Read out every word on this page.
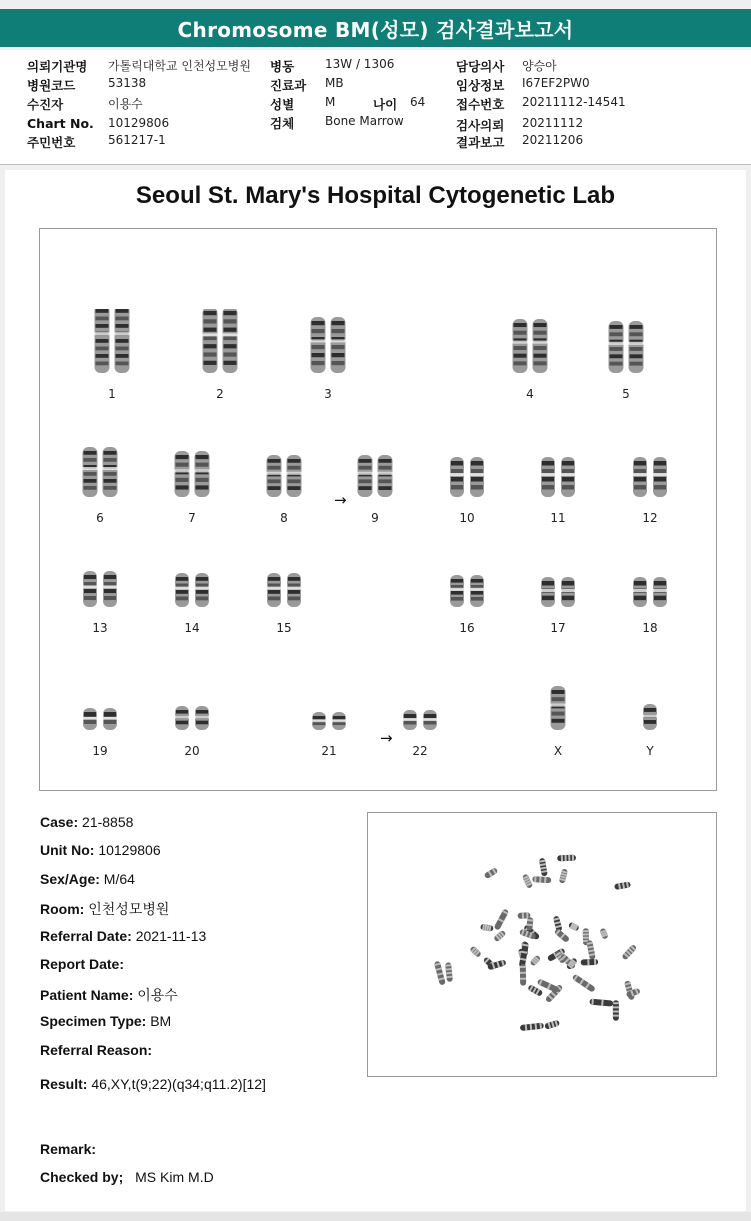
Chromosome BM(성모) 검사결과보고서
의뢰기관명 가톨릭대학교 인천성모병원
병원코드	53138
수진자	이용수
Chart No. 10129806
주민번호	561217-1
병동	13W / 1306
진료과 MB
성별	M	나이 64
검체	Bone Marrow
담당의사 양승아
임상정보 I67EF2PW0
접수번호 20211112-14541
검사의뢰 20211112
결과보고 20211206
Seoul St. Mary's Hospital Cytogenetic Lab
1	2	3	4	5
6	7	8	9	10	11	12
13	14	15	16	17	18
19	20	21	22	X	Y
→
→
Case: 21-8858
Unit No: 10129806
Sex/Age: M/64
Room: 인천성모병원
Referral Date: 2021-11-13
Report Date:
Patient Name: 이용수
Specimen Type: BM
Referral Reason:
Result: 46,XY,t(9;22)(q34;q11.2)[12]
Remark:
Checked by; MS Kim M.D
